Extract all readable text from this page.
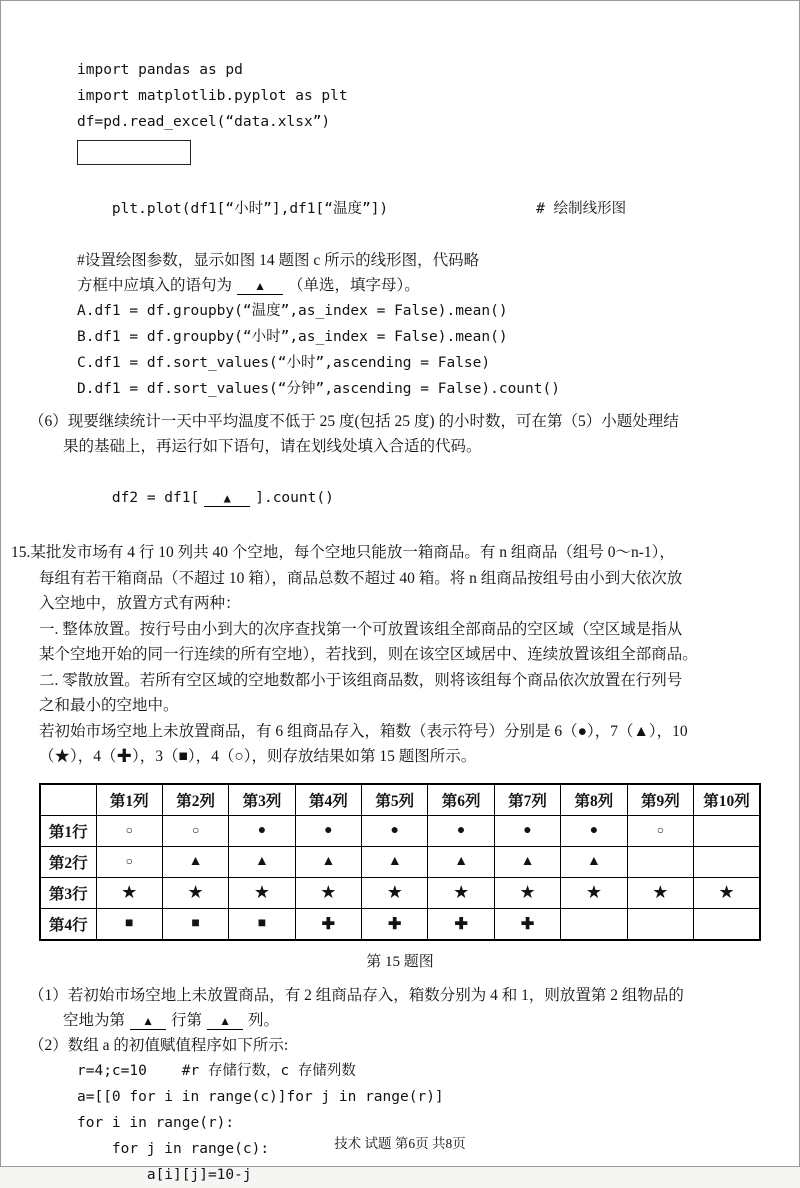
import pandas as pd
import matplotlib.pyplot as plt
df=pd.read_excel(“data.xlsx”)

plt.plot(df1[“小时”],df1[“温度”])	# 绘制线形图

#设置绘图参数，显示如图 14 题图 c 所示的线形图，代码略
方框中应填入的语句为 ▲ （单选，填字母）。
A.df1 = df.groupby(“温度”,as_index = False).mean()
B.df1 = df.groupby(“小时”,as_index = False).mean()
C.df1 = df.sort_values(“小时”,ascending = False)
D.df1 = df.sort_values(“分钟”,ascending = False).count()
（6）现要继续统计一天中平均温度不低于 25 度(包括 25 度) 的小时数，可在第（5）小题处理结
果的基础上，再运行如下语句，请在划线处填入合适的代码。

df2 = df1[ ▲ ].count()

15.某批发市场有 4 行 10 列共 40 个空地，每个空地只能放一箱商品。有 n 组商品（组号 0～n-1），
每组有若干箱商品（不超过 10 箱），商品总数不超过 40 箱。将 n 组商品按组号由小到大依次放
入空地中，放置方式有两种：
一. 整体放置。按行号由小到大的次序查找第一个可放置该组全部商品的空区域（空区域是指从
某个空地开始的同一行连续的所有空地），若找到，则在该空区域居中、连续放置该组全部商品。
二. 零散放置。若所有空区域的空地数都小于该组商品数，则将该组每个商品依次放置在行列号
之和最小的空地中。
若初始市场空地上未放置商品，有 6 组商品存入，箱数（表示符号）分别是 6（●），7（▲），10
（★），4（✚），3（■），4（○），则存放结果如第 15 题图所示。
	第1列	第2列	第3列	第4列	第5列	第6列	第7列	第8列	第9列	第10列
第1行	○	○	●	●	●	●	●	●	○	
第2行	○	▲	▲	▲	▲	▲	▲	▲		
第3行	★	★	★	★	★	★	★	★	★	★
第4行	■	■	■	✚	✚	✚	✚			
第 15 题图
（1）若初始市场空地上未放置商品，有 2 组商品存入，箱数分别为 4 和 1，则放置第 2 组物品的
空地为第 ▲ 行第 ▲ 列。
（2）数组 a 的初值赋值程序如下所示:
r=4;c=10    #r 存储行数，c 存储列数
a=[[0 for i in range(c)]for j in range(r)]
for i in range(r):
for j in range(c):
a[i][j]=10-j
技术 试题 第6页 共8页
